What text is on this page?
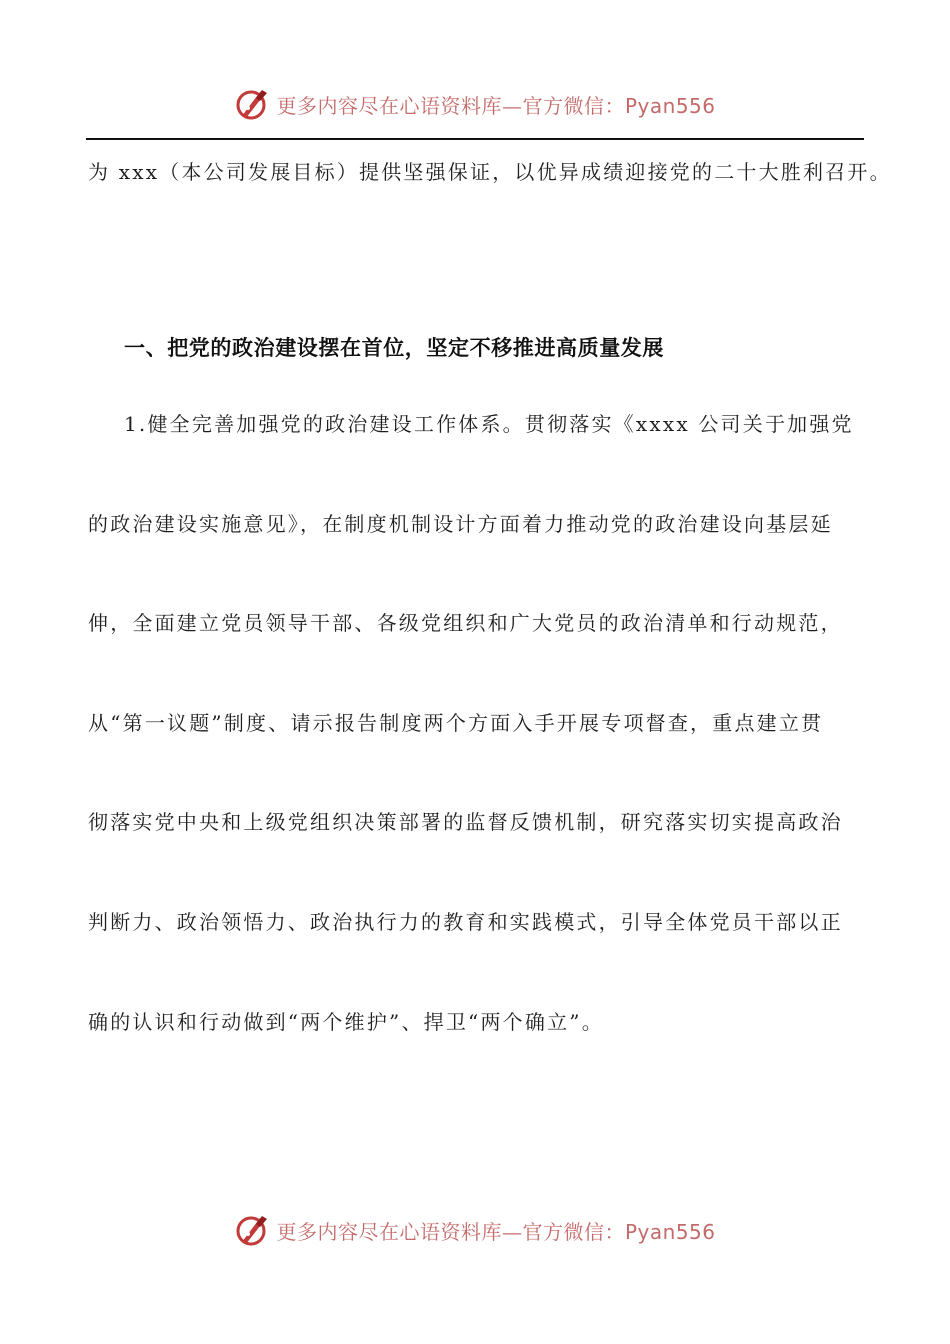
更多内容尽在心语资料库—官方微信：Pyan556
为 xxx（本公司发展目标）提供坚强保证，以优异成绩迎接党的二十大胜利召开。
一、把党的政治建设摆在首位，坚定不移推进高质量发展
1.健全完善加强党的政治建设工作体系。贯彻落实《xxxx 公司关于加强党
的政治建设实施意见》，在制度机制设计方面着力推动党的政治建设向基层延
伸，全面建立党员领导干部、各级党组织和广大党员的政治清单和行动规范，
从“第一议题”制度、请示报告制度两个方面入手开展专项督查，重点建立贯
彻落实党中央和上级党组织决策部署的监督反馈机制，研究落实切实提高政治
判断力、政治领悟力、政治执行力的教育和实践模式，引导全体党员干部以正
确的认识和行动做到“两个维护”、捍卫“两个确立”。
更多内容尽在心语资料库—官方微信：Pyan556
